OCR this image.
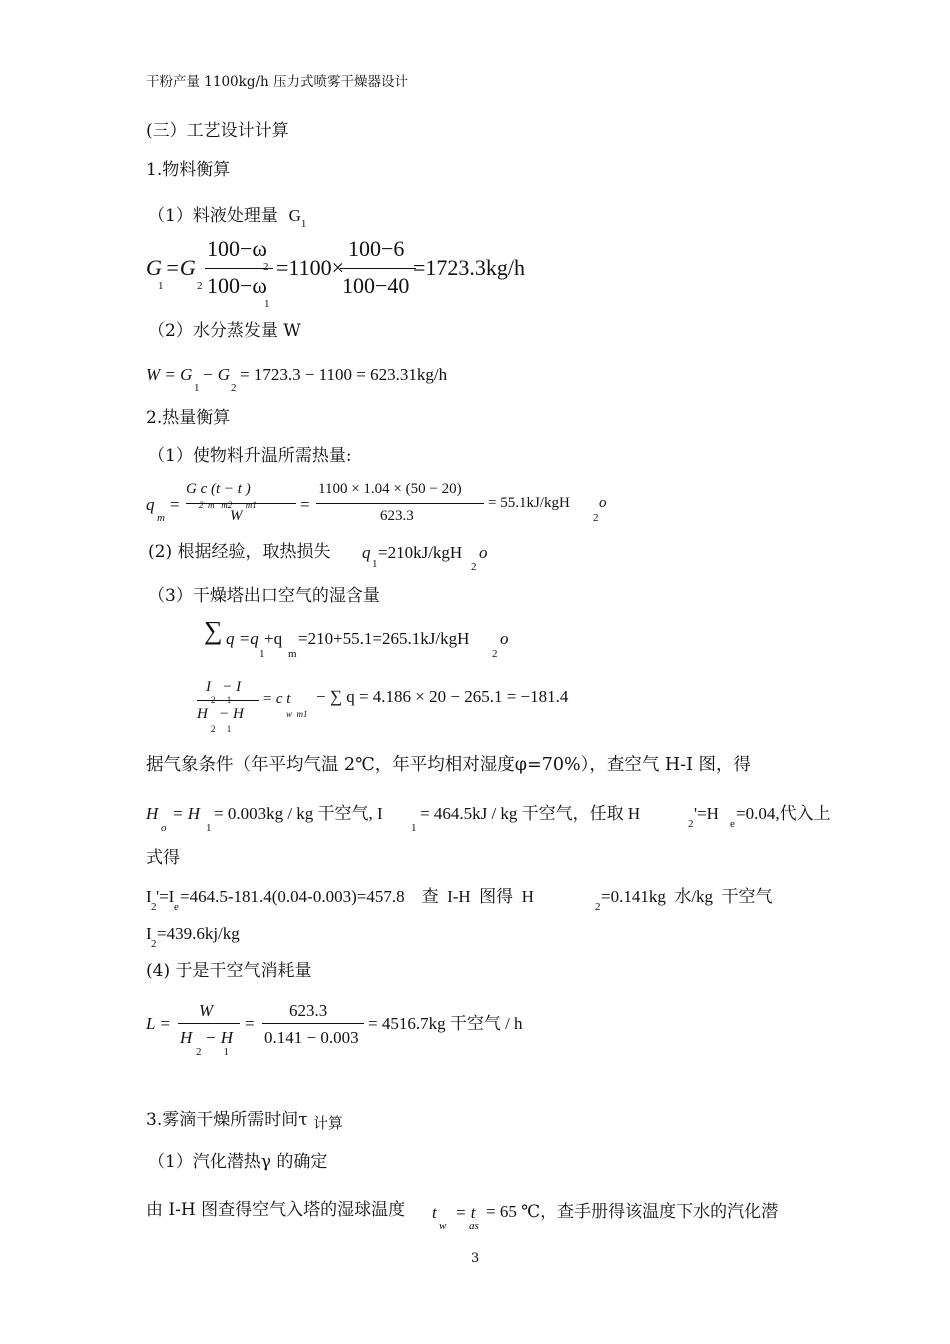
干粉产量 1100kg/h 压力式喷雾干燥器设计
(三）工艺设计计算
1.物料衡算
（1）料液处理量 $G_1$
G
1
=G
2
100−ω
2
100−ω
1
=1100×
100−6
100−40
=1723.3kg/h
（2）水分蒸发量 W
W = G
1
− G
2
= 1723.3 − 1100 = 623.31kg/h
2.热量衡算
（1）使物料升温所需热量:
q
m
=
G c (t − t )
2  m   m2      m1
W
=
1100 × 1.04 × (50 − 20)
623.3
= 55.1kJ/kgH
2
o
(2) 根据经验，取热损失 q
1
=210kJ/kgH
2
o
（3）干燥塔出口空气的湿含量
∑ q =q
1
+q
m
=210+55.1=265.1kJ/kgH
2
o
I   − I
2     1
H   − H
2     1
= c t
w  m1
− ∑ q = 4.186 × 20 − 265.1 = −181.4
据气象条件（年平均气温 2℃，年平均相对湿度φ=70%），查空气 H-I 图，得
H
o
= H
1
= 0.003kg / kg 干空气, I
1
= 464.5kJ / kg 干空气，任取 H
2
'=H
e
=0.04,代入上
式得
I
2
'=I
e
=464.5-181.4(0.04-0.003)=457.8    查  I-H  图得  H
2
=0.141kg  水/kg  干空气
I
2
=439.6kj/kg
(4) 于是干空气消耗量
L =
W
H   − H
2        1
=
623.3
0.141 − 0.003
= 4516.7kg 干空气 / h
3.雾滴干燥所需时间τ 计算
（1）汽化潜热γ 的确定
由 I-H 图查得空气入塔的湿球温度 t
w
= t
as
= 65 ℃，查手册得该温度下水的汽化潜
3
